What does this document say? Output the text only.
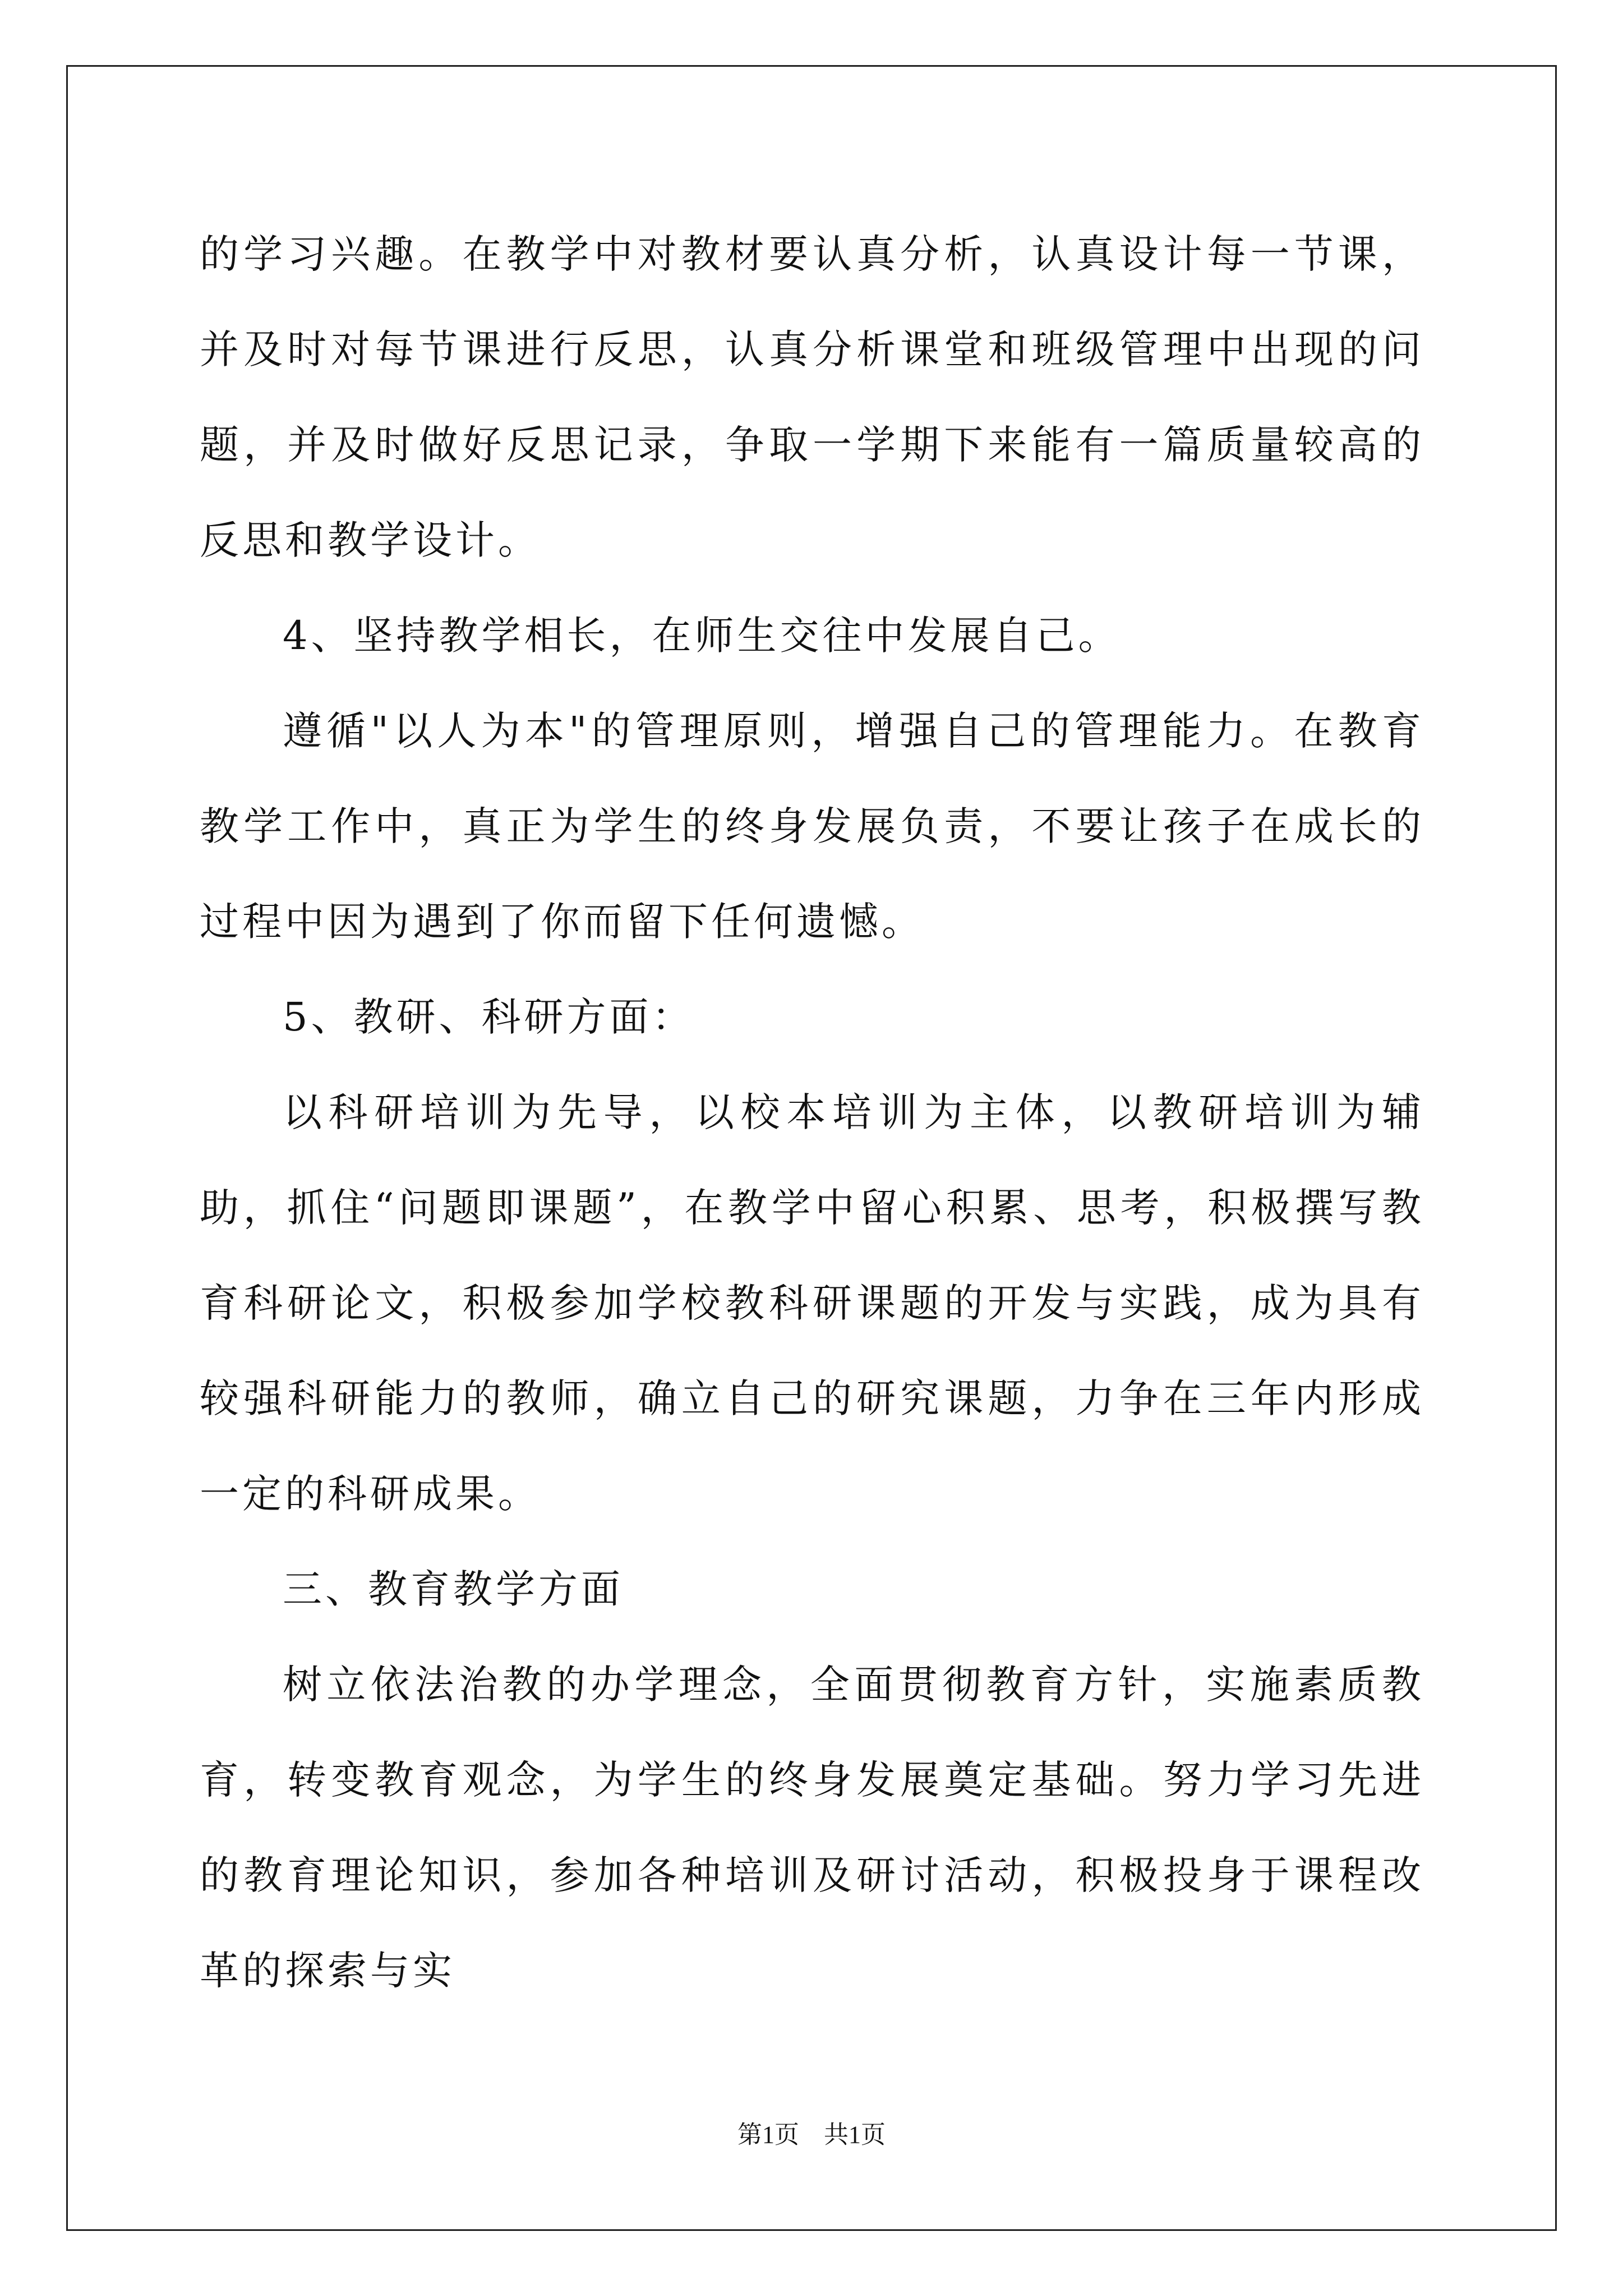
的学习兴趣。在教学中对教材要认真分析，认真设计每一节课，并及时对每节课进行反思，认真分析课堂和班级管理中出现的问题，并及时做好反思记录，争取一学期下来能有一篇质量较高的反思和教学设计。

4、坚持教学相长，在师生交往中发展自己。

遵循"以人为本"的管理原则，增强自己的管理能力。在教育教学工作中，真正为学生的终身发展负责，不要让孩子在成长的过程中因为遇到了你而留下任何遗憾。

5、教研、科研方面：

以科研培训为先导，以校本培训为主体，以教研培训为辅助，抓住“问题即课题”，在教学中留心积累、思考，积极撰写教育科研论文，积极参加学校教科研课题的开发与实践，成为具有较强科研能力的教师，确立自己的研究课题，力争在三年内形成一定的科研成果。

三、教育教学方面

树立依法治教的办学理念，全面贯彻教育方针，实施素质教育，转变教育观念，为学生的终身发展奠定基础。努力学习先进的教育理论知识，参加各种培训及研讨活动，积极投身于课程改革的探索与实

第1页 共1页
